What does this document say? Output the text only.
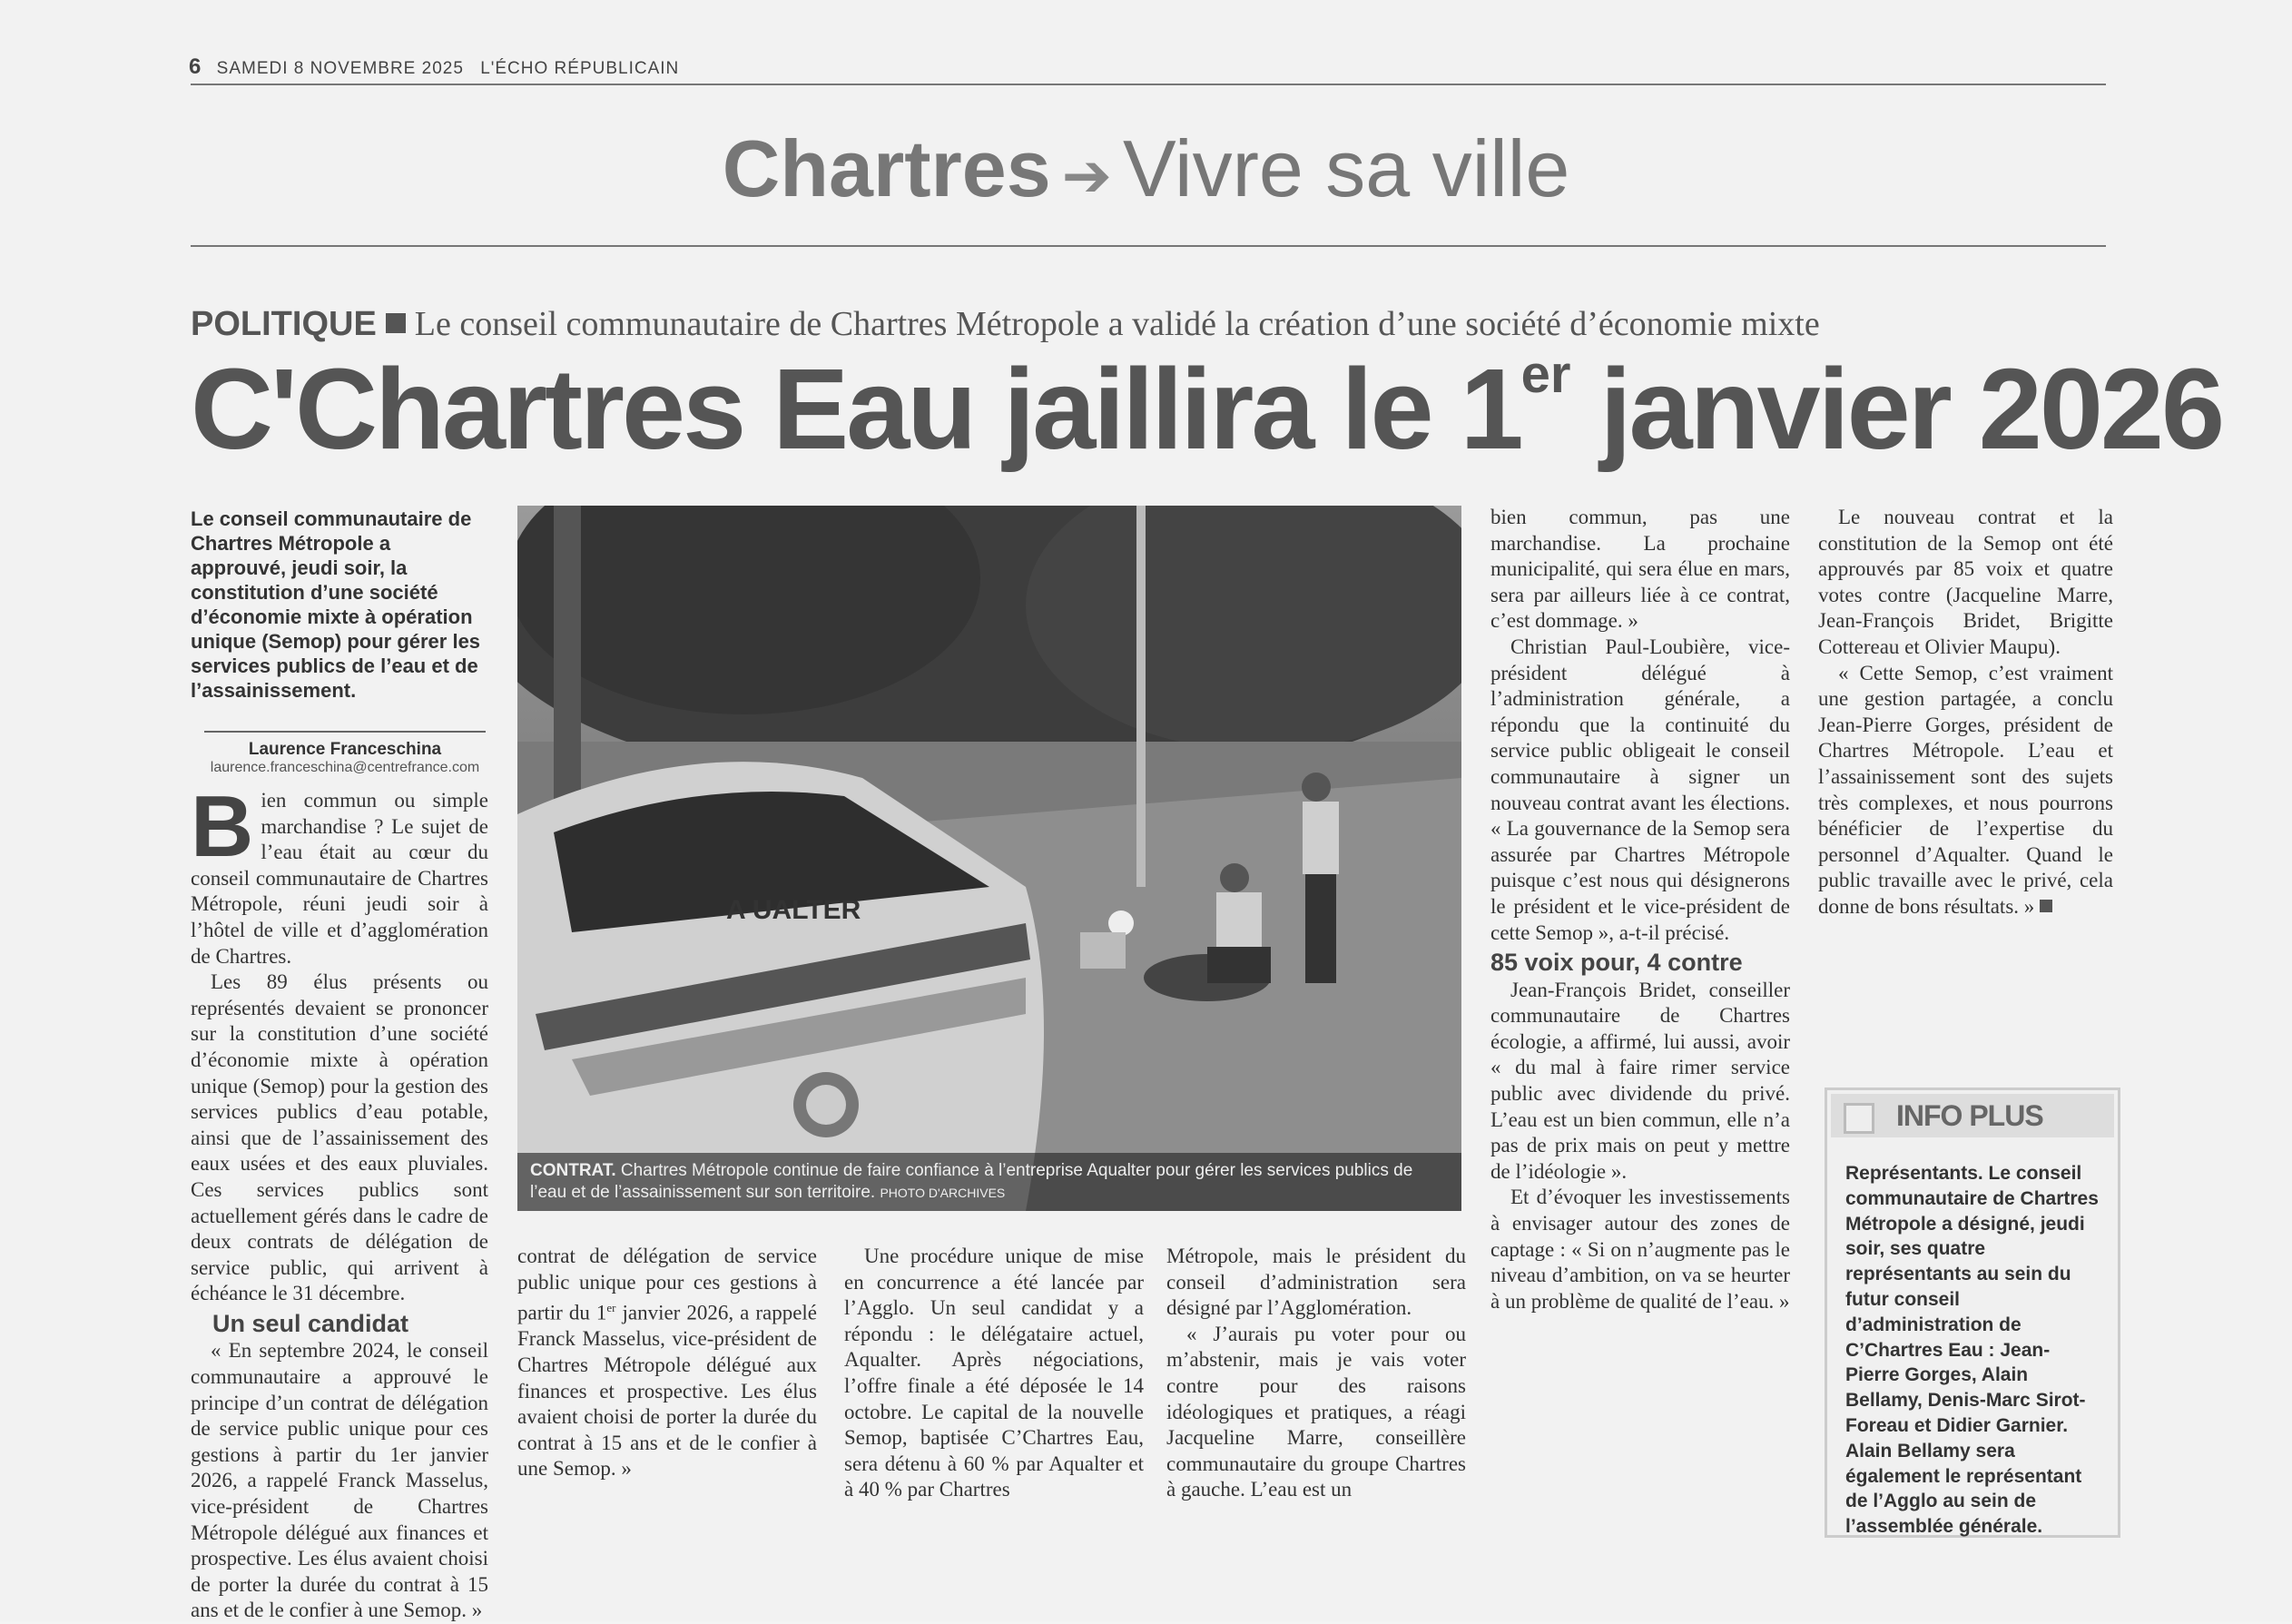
6 SAMEDI 8 NOVEMBRE 2025 L'ÉCHO RÉPUBLICAIN
Chartres ➔ Vivre sa ville
POLITIQUE Le conseil communautaire de Chartres Métropole a validé la création d’une société d’économie mixte
C'Chartres Eau jaillira le 1er janvier 2026
Le conseil communautaire de Chartres Métropole a approuvé, jeudi soir, la constitution d’une société d’économie mixte à opération unique (Semop) pour gérer les services publics de l’eau et de l’assainissement.
Laurence Franceschina
laurence.franceschina@centrefrance.com

Bien commun ou simple marchandise ? Le sujet de l’eau était au cœur du conseil communautaire de Chartres Métropole, réuni jeudi soir à l’hôtel de ville et d’agglomération de Chartres.

Les 89 élus présents ou représentés devaient se prononcer sur la constitution d’une société d’économie mixte à opération unique (Semop) pour la gestion des services publics d’eau potable, ainsi que de l’assainissement des eaux usées et des eaux pluviales. Ces services publics sont actuellement gérés dans le cadre de deux contrats de délégation de service public, qui arrivent à échéance le 31 décembre.

Un seul candidat

« En septembre 2024, le conseil communautaire a approuvé le principe d’un contrat de délégation de service public unique pour ces gestions à partir du 1er janvier 2026, a rappelé Franck Masselus, vice-président de Chartres Métropole délégué aux finances et prospective. Les élus avaient choisi de porter la durée du contrat à 15 ans et de le confier à une Semop. »

A UALTER
CONTRAT. Chartres Métropole continue de faire confiance à l’entreprise Aqualter pour gérer les services publics de l’eau et de l’assainissement sur son territoire. PHOTO D'ARCHIVES

contrat de délégation de service public unique pour ces gestions à partir du 1er janvier 2026, a rappelé Franck Masselus, vice-président de Chartres Métropole délégué aux finances et prospective. Les élus avaient choisi de porter la durée du contrat à 15 ans et de le confier à une Semop. »

Une procédure unique de mise en concurrence a été lancée par l’Agglo. Un seul candidat y a répondu : le délégataire actuel, Aqualter. Après négociations, l’offre finale a été déposée le 14 octobre. Le capital de la nouvelle Semop, baptisée C’Chartres Eau, sera détenu à 60 % par Aqualter et à 40 % par Chartres

Métropole, mais le président du conseil d’administration sera désigné par l’Agglomération.

« J’aurais pu voter pour ou m’abstenir, mais je vais voter contre pour des raisons idéologiques et pratiques, a réagi Jacqueline Marre, conseillère communautaire du groupe Chartres à gauche. L’eau est un

bien commun, pas une marchandise. La prochaine municipalité, qui sera élue en mars, sera par ailleurs liée à ce contrat, c’est dommage. »

Christian Paul-Loubière, vice-président délégué à l’administration générale, a répondu que la continuité du service public obligeait le conseil communautaire à signer un nouveau contrat avant les élections. « La gouvernance de la Semop sera assurée par Chartres Métropole puisque c’est nous qui désignerons le président et le vice-président de cette Semop », a-t-il précisé.

85 voix pour, 4 contre

Jean-François Bridet, conseiller communautaire de Chartres écologie, a affirmé, lui aussi, avoir « du mal à faire rimer service public avec dividende du privé. L’eau est un bien commun, elle n’a pas de prix mais on peut y mettre de l’idéologie ».

Et d’évoquer les investissements à envisager autour des zones de captage : « Si on n’augmente pas le niveau d’ambition, on va se heurter à un problème de qualité de l’eau. »

Le nouveau contrat et la constitution de la Semop ont été approuvés par 85 voix et quatre votes contre (Jacqueline Marre, Jean-François Bridet, Brigitte Cottereau et Olivier Maupu).

« Cette Semop, c’est vraiment une gestion partagée, a conclu Jean-Pierre Gorges, président de Chartres Métropole. L’eau et l’assainissement sont des sujets très complexes, et nous pourrons bénéficier de l’expertise du personnel d’Aqualter. Quand le public travaille avec le privé, cela donne de bons résultats. »

INFO PLUS
Représentants. Le conseil communautaire de Chartres Métropole a désigné, jeudi soir, ses quatre représentants au sein du futur conseil d’administration de C’Chartres Eau : Jean-Pierre Gorges, Alain Bellamy, Denis-Marc Sirot-Foreau et Didier Garnier. Alain Bellamy sera également le représentant de l’Agglo au sein de l’assemblée générale.
